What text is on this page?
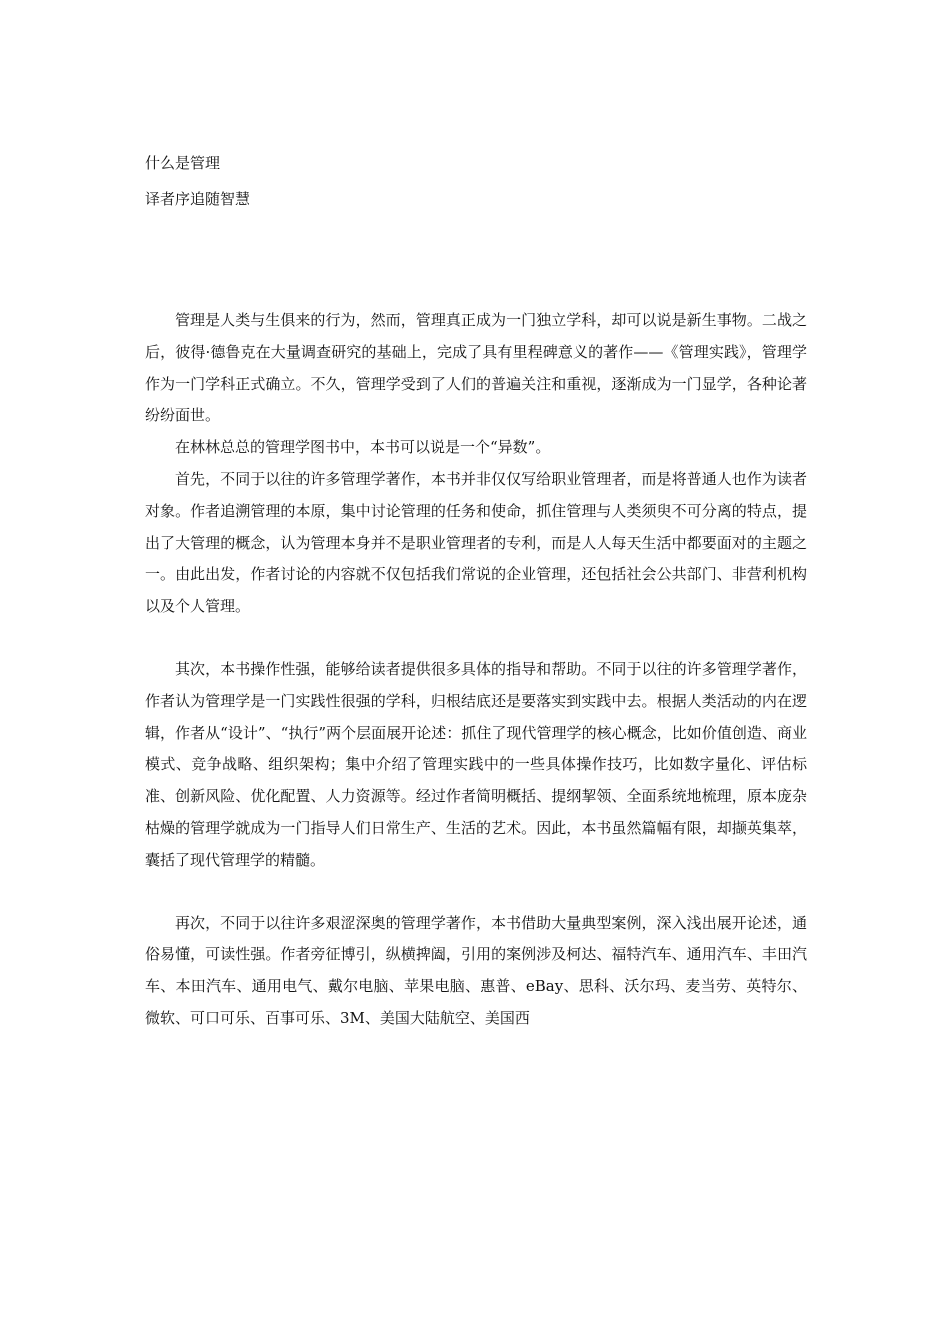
什么是管理

译者序追随智慧

管理是人类与生俱来的行为，然而，管理真正成为一门独立学科，却可以说是新生事物。二战之后，彼得·德鲁克在大量调查研究的基础上，完成了具有里程碑意义的著作——《管理实践》，管理学作为一门学科正式确立。不久，管理学受到了人们的普遍关注和重视，逐渐成为一门显学，各种论著纷纷面世。

在林林总总的管理学图书中，本书可以说是一个“异数”。

首先，不同于以往的许多管理学著作，本书并非仅仅写给职业管理者，而是将普通人也作为读者对象。作者追溯管理的本原，集中讨论管理的任务和使命，抓住管理与人类须臾不可分离的特点，提出了大管理的概念，认为管理本身并不是职业管理者的专利，而是人人每天生活中都要面对的主题之一。由此出发，作者讨论的内容就不仅包括我们常说的企业管理，还包括社会公共部门、非营利机构以及个人管理。

其次，本书操作性强，能够给读者提供很多具体的指导和帮助。不同于以往的许多管理学著作，作者认为管理学是一门实践性很强的学科，归根结底还是要落实到实践中去。根据人类活动的内在逻辑，作者从“设计”、“执行”两个层面展开论述：抓住了现代管理学的核心概念，比如价值创造、商业模式、竞争战略、组织架构；集中介绍了管理实践中的一些具体操作技巧，比如数字量化、评估标准、创新风险、优化配置、人力资源等。经过作者简明概括、提纲挈领、全面系统地梳理，原本庞杂枯燥的管理学就成为一门指导人们日常生产、生活的艺术。因此，本书虽然篇幅有限，却撷英集萃，囊括了现代管理学的精髓。

再次，不同于以往许多艰涩深奥的管理学著作，本书借助大量典型案例，深入浅出展开论述，通俗易懂，可读性强。作者旁征博引，纵横捭阖，引用的案例涉及柯达、福特汽车、通用汽车、丰田汽车、本田汽车、通用电气、戴尔电脑、苹果电脑、惠普、eBay、思科、沃尔玛、麦当劳、英特尔、微软、可口可乐、百事可乐、3M、美国大陆航空、美国西
